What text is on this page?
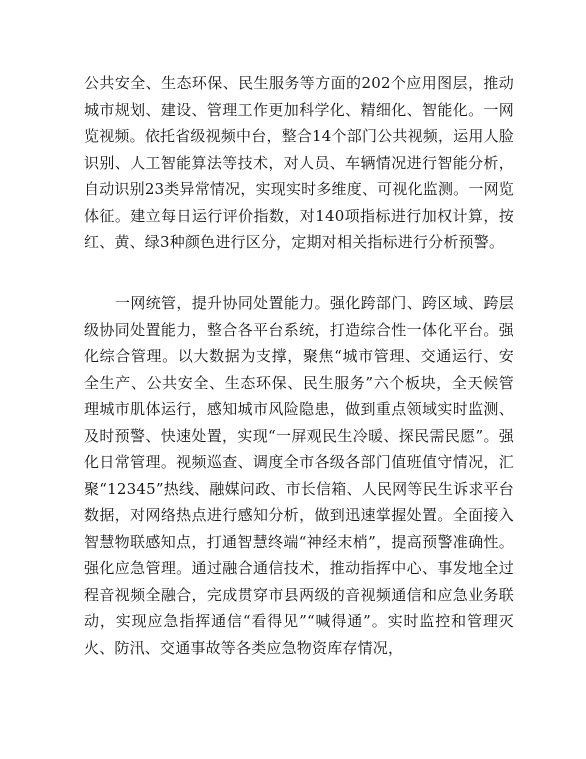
公共安全、生态环保、民生服务等方面的202个应用图层，推动城市规划、建设、管理工作更加科学化、精细化、智能化。一网览视频。依托省级视频中台，整合14个部门公共视频，运用人脸识别、人工智能算法等技术，对人员、车辆情况进行智能分析，自动识别23类异常情况，实现实时多维度、可视化监测。一网览体征。建立每日运行评价指数，对140项指标进行加权计算，按红、黄、绿3种颜色进行区分，定期对相关指标进行分析预警。

一网统管，提升协同处置能力。强化跨部门、跨区域、跨层级协同处置能力，整合各平台系统，打造综合性一体化平台。强化综合管理。以大数据为支撑，聚焦“城市管理、交通运行、安全生产、公共安全、生态环保、民生服务”六个板块，全天候管理城市肌体运行，感知城市风险隐患，做到重点领域实时监测、及时预警、快速处置，实现“一屏观民生冷暖、探民需民愿”。强化日常管理。视频巡查、调度全市各级各部门值班值守情况，汇聚“12345”热线、融媒问政、市长信箱、人民网等民生诉求平台数据，对网络热点进行感知分析，做到迅速掌握处置。全面接入智慧物联感知点，打通智慧终端“神经末梢”，提高预警准确性。强化应急管理。通过融合通信技术，推动指挥中心、事发地全过程音视频全融合，完成贯穿市县两级的音视频通信和应急业务联动，实现应急指挥通信“看得见”“喊得通”。实时监控和管理灭火、防汛、交通事故等各类应急物资库存情况，
